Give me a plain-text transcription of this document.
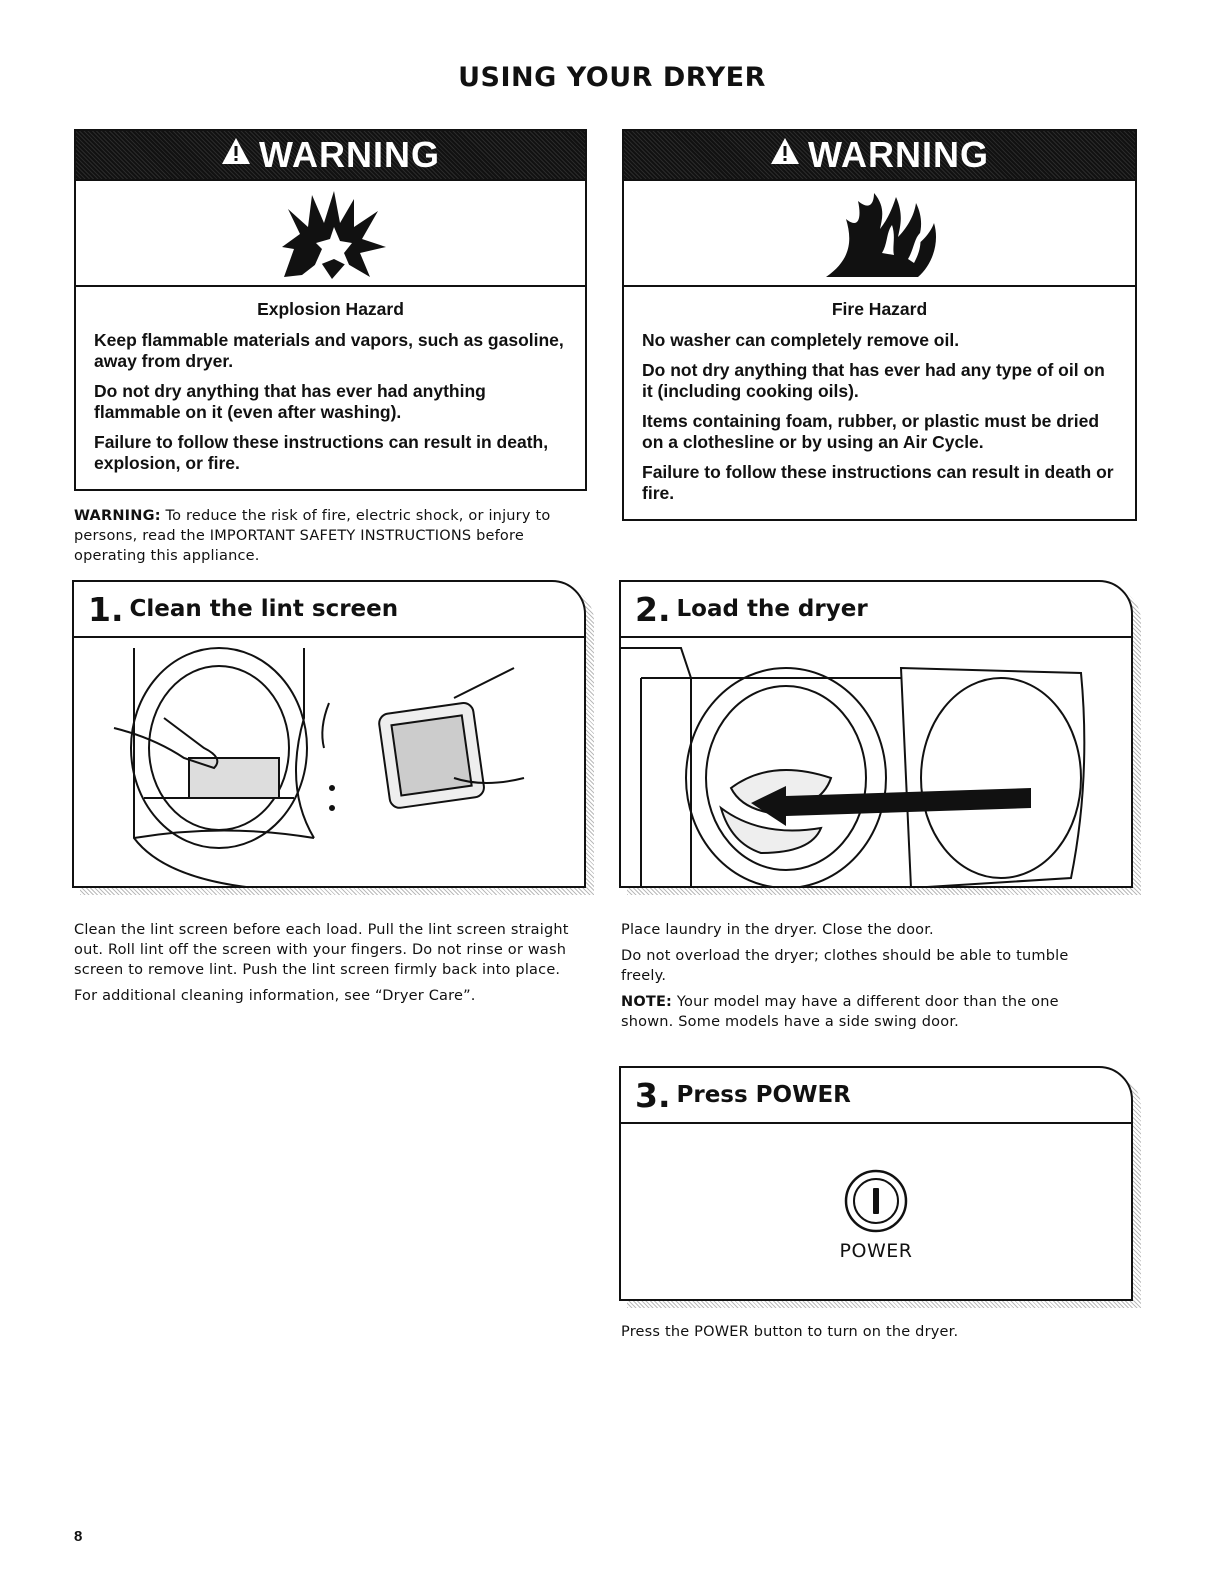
USING YOUR DRYER
WARNING
Explosion Hazard

Keep flammable materials and vapors, such as gasoline, away from dryer.

Do not dry anything that has ever had anything flammable on it (even after washing).

Failure to follow these instructions can result in death, explosion, or fire.

WARNING: To reduce the risk of fire, electric shock, or injury to persons, read the IMPORTANT SAFETY INSTRUCTIONS before operating this appliance.
WARNING
Fire Hazard

No washer can completely remove oil.

Do not dry anything that has ever had any type of oil on it (including cooking oils).

Items containing foam, rubber, or plastic must be dried on a clothesline or by using an Air Cycle.

Failure to follow these instructions can result in death or fire.

1. Clean the lint screen

Clean the lint screen before each load. Pull the lint screen straight out. Roll lint off the screen with your fingers. Do not rinse or wash screen to remove lint. Push the lint screen firmly back into place.

For additional cleaning information, see “Dryer Care”.

2. Load the dryer

Place laundry in the dryer. Close the door.

Do not overload the dryer; clothes should be able to tumble freely.

NOTE: Your model may have a different door than the one shown. Some models have a side swing door.

3. Press POWER
POWER

Press the POWER button to turn on the dryer.

8
